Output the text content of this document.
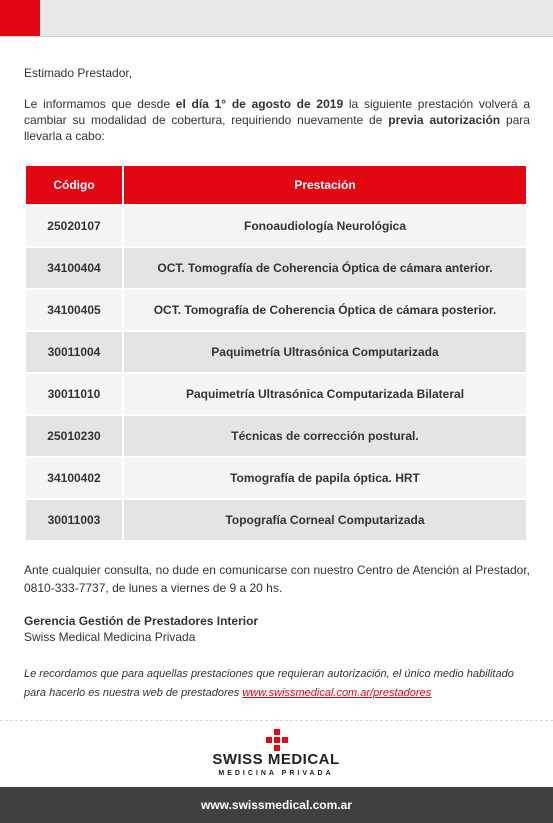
Estimado Prestador,
Le informamos que desde el día 1° de agosto de 2019 la siguiente prestación volverá a cambiar su modalidad de cobertura, requiriendo nuevamente de previa autorización para llevarla a cabo:
Código	Prestación
25020107	Fonoaudiología Neurológica
34100404	OCT. Tomografía de Coherencia Óptica de cámara anterior.
34100405	OCT. Tomografía de Coherencia Óptica de cámara posterior.
30011004	Paquimetría Ultrasónica Computarizada
30011010	Paquimetría Ultrasónica Computarizada Bilateral
25010230	Técnicas de corrección postural.
34100402	Tomografía de papila óptica. HRT
30011003	Topografía Corneal Computarizada
Ante cualquier consulta, no dude en comunicarse con nuestro Centro de Atención al Prestador, 0810-333-7737, de lunes a viernes de 9 a 20 hs.
Gerencia Gestión de Prestadores Interior
Swiss Medical Medicina Privada
Le recordamos que para aquellas prestaciones que requieran autorización, el único medio habilitado para hacerlo es nuestra web de prestadores www.swissmedical.com.ar/prestadores
SWISS MEDICAL
MEDICINA PRIVADA
www.swissmedical.com.ar
